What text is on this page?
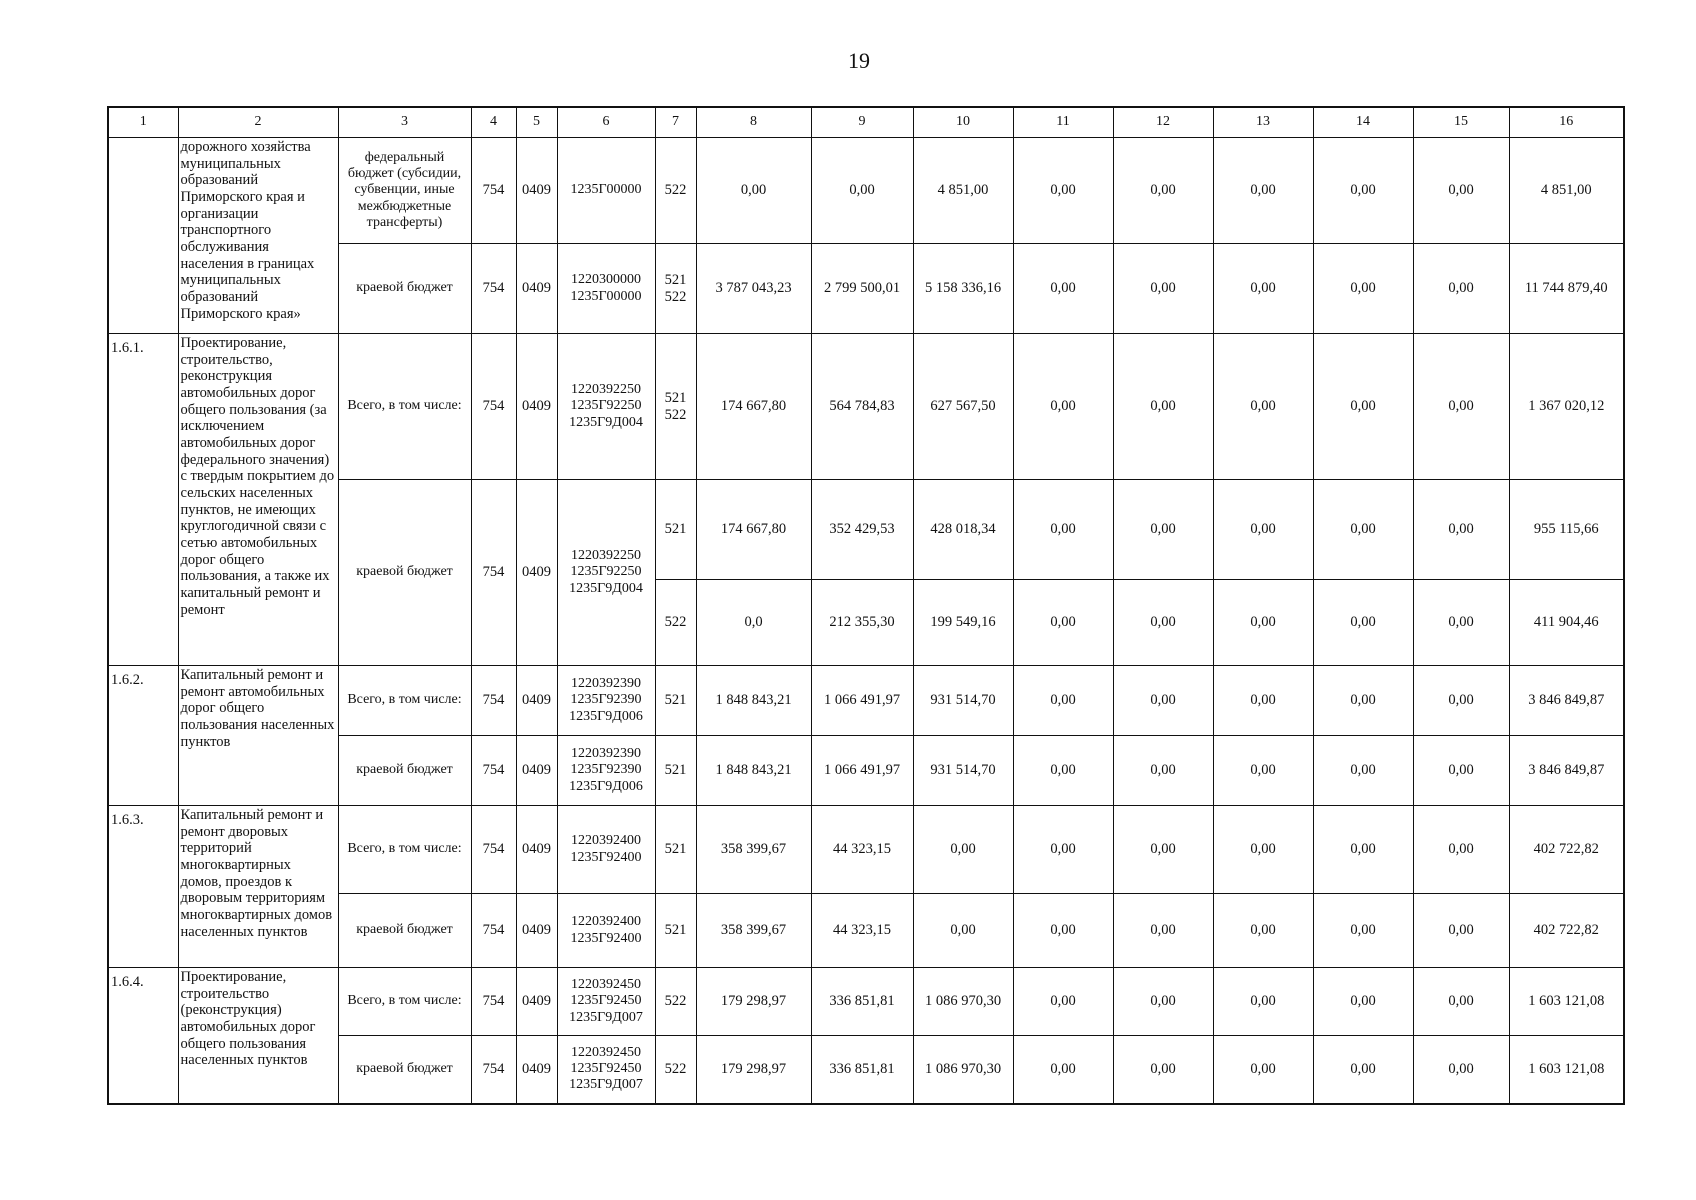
19
1	2	3	4	5	6	7	8	9	10	11	12	13	14	15	16
	дорожного хозяйства муниципальных образований Приморского края и организации транспортного обслуживания населения в границах муниципальных образований Приморского края»	федеральный бюджет (субсидии, субвенции, иные межбюджетные трансферты)	754	0409	1235Г00000	522	0,00	0,00	4 851,00	0,00	0,00	0,00	0,00	0,00	4 851,00
		краевой бюджет	754	0409	1220300000 1235Г00000	521 522	3 787 043,23	2 799 500,01	5 158 336,16	0,00	0,00	0,00	0,00	0,00	11 744 879,40
1.6.1.	Проектирование, строительство, реконструкция автомобильных дорог общего пользования (за исключением автомобильных дорог федерального значения) с твердым покрытием до сельских населенных пунктов, не имеющих круглогодичной связи с сетью автомобильных дорог общего пользования, а также их капитальный ремонт и ремонт	Всего, в том числе:	754	0409	1220392250 1235Г92250 1235Г9Д004	521 522	174 667,80	564 784,83	627 567,50	0,00	0,00	0,00	0,00	0,00	1 367 020,12
		краевой бюджет	754	0409	1220392250 1235Г92250 1235Г9Д004	521	174 667,80	352 429,53	428 018,34	0,00	0,00	0,00	0,00	0,00	955 115,66
						522	0,0	212 355,30	199 549,16	0,00	0,00	0,00	0,00	0,00	411 904,46
1.6.2.	Капитальный ремонт и ремонт автомобильных дорог общего пользования населенных пунктов	Всего, в том числе:	754	0409	1220392390 1235Г92390 1235Г9Д006	521	1 848 843,21	1 066 491,97	931 514,70	0,00	0,00	0,00	0,00	0,00	3 846 849,87
		краевой бюджет	754	0409	1220392390 1235Г92390 1235Г9Д006	521	1 848 843,21	1 066 491,97	931 514,70	0,00	0,00	0,00	0,00	0,00	3 846 849,87
1.6.3.	Капитальный ремонт и ремонт дворовых территорий многоквартирных домов, проездов к дворовым территориям многоквартирных домов населенных пунктов	Всего, в том числе:	754	0409	1220392400 1235Г92400	521	358 399,67	44 323,15	0,00	0,00	0,00	0,00	0,00	0,00	402 722,82
		краевой бюджет	754	0409	1220392400 1235Г92400	521	358 399,67	44 323,15	0,00	0,00	0,00	0,00	0,00	0,00	402 722,82
1.6.4.	Проектирование, строительство (реконструкция) автомобильных дорог общего пользования населенных пунктов	Всего, в том числе:	754	0409	1220392450 1235Г92450 1235Г9Д007	522	179 298,97	336 851,81	1 086 970,30	0,00	0,00	0,00	0,00	0,00	1 603 121,08
		краевой бюджет	754	0409	1220392450 1235Г92450 1235Г9Д007	522	179 298,97	336 851,81	1 086 970,30	0,00	0,00	0,00	0,00	0,00	1 603 121,08
